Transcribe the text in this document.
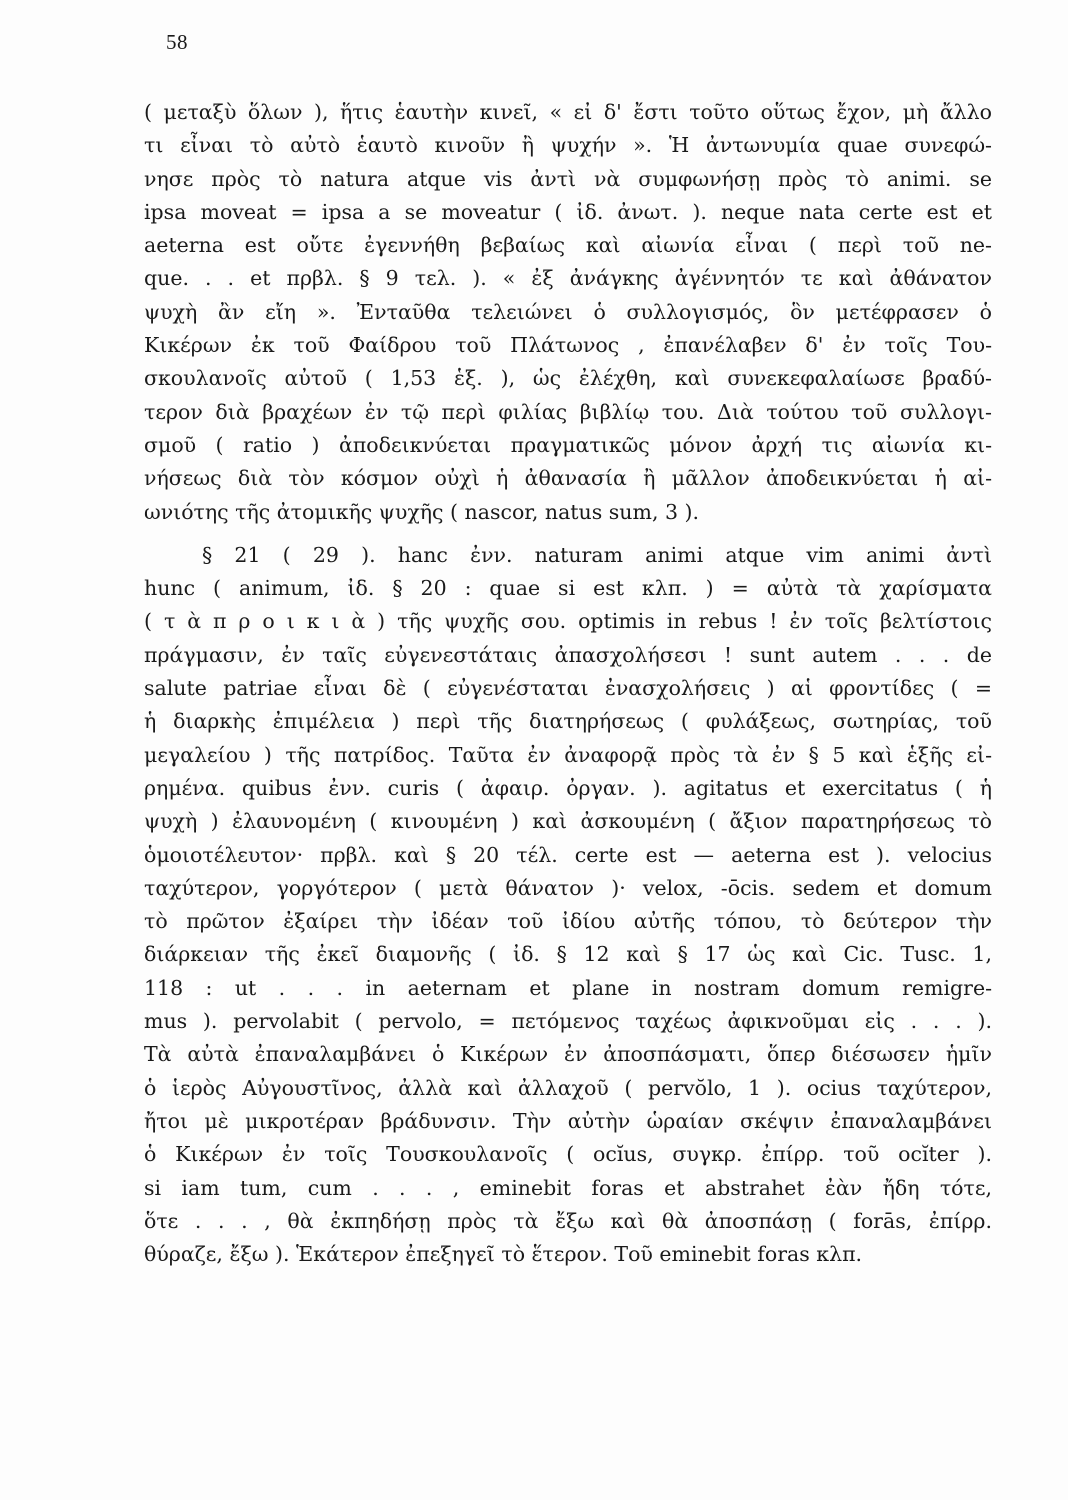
58
( μεταξὺ ὅλων ), ἥτις ἑαυτὴν κινεῖ, « εἰ δ' ἔστι τοῦτο οὕτως ἔχον, μὴ ἄλλο
τι εἶναι τὸ αὐτὸ ἑαυτὸ κινοῦν ἢ ψυχήν ». Ἡ ἀντωνυμία quae συνεφώ-
νησε πρὸς τὸ natura atque vis ἀντὶ νὰ συμφωνήσῃ πρὸς τὸ animi. se
ipsa moveat = ipsa a se moveatur ( ἰδ. ἀνωτ. ). neque nata certe est et
aeterna est οὔτε ἐγεννήθη βεβαίως καὶ αἰωνία εἶναι ( περὶ τοῦ ne-
que. . . et πρβλ. § 9 τελ. ). « ἐξ ἀνάγκης ἀγέννητόν τε καὶ ἀθάνατον
ψυχὴ ἂν εἴη ». Ἐνταῦθα τελειώνει ὁ συλλογισμός, ὃν μετέφρασεν ὁ
Κικέρων ἐκ τοῦ Φαίδρου τοῦ Πλάτωνος , ἐπανέλαβεν δ' ἐν τοῖς Του-
σκουλανοῖς αὐτοῦ ( 1,53 ἑξ. ), ὡς ἐλέχθη, καὶ συνεκεφαλαίωσε βραδύ-
τερον διὰ βραχέων ἐν τῷ περὶ φιλίας βιβλίῳ του. Διὰ τούτου τοῦ συλλογι-
σμοῦ ( ratio ) ἀποδεικνύεται πραγματικῶς μόνον ἀρχή τις αἰωνία κι-
νήσεως διὰ τὸν κόσμον οὐχὶ ἡ ἀθανασία ἢ μᾶλλον ἀποδεικνύεται ἡ αἰ-
ωνιότης τῆς ἀτομικῆς ψυχῆς ( nascor, natus sum, 3 ).
§ 21 ( 29 ). hanc ἐνν. naturam animi atque vim animi ἀντὶ
hunc ( animum, ἰδ. § 20 : quae si est κλπ. ) = αὐτὰ τὰ χαρίσματα
( τ ὰ π ρ ο ι κ ι ὰ ) τῆς ψυχῆς σου. optimis in rebus ! ἐν τοῖς βελτίστοις
πράγμασιν, ἐν ταῖς εὐγενεστάταις ἀπασχολήσεσι ! sunt autem . . . de
salute patriae εἶναι δὲ ( εὐγενέσταται ἐνασχολήσεις ) αἱ φροντίδες ( =
ἡ διαρκὴς ἐπιμέλεια ) περὶ τῆς διατηρήσεως ( φυλάξεως, σωτηρίας, τοῦ
μεγαλείου ) τῆς πατρίδος. Ταῦτα ἐν ἀναφορᾷ πρὸς τὰ ἐν § 5 καὶ ἑξῆς εἰ-
ρημένα. quibus ἐνν. curis ( ἀφαιρ. ὀργαν. ). agitatus et exercitatus ( ἡ
ψυχὴ ) ἐλαυνομένη ( κινουμένη ) καὶ ἀσκουμένη ( ἄξιον παρατηρήσεως τὸ
ὁμοιοτέλευτον· πρβλ. καὶ § 20 τέλ. certe est — aeterna est ). velocius
ταχύτερον, γοργότερον ( μετὰ θάνατον )· velox, -ōcis. sedem et domum
τὸ πρῶτον ἐξαίρει τὴν ἰδέαν τοῦ ἰδίου αὐτῆς τόπου, τὸ δεύτερον τὴν
διάρκειαν τῆς ἐκεῖ διαμονῆς ( ἰδ. § 12 καὶ § 17 ὡς καὶ Cic. Tusc. 1,
118 : ut . . . in aeternam et plane in nostram domum remigre-
mus ). pervolabit ( pervolo, = πετόμενος ταχέως ἀφικνοῦμαι εἰς . . . ).
Τὰ αὐτὰ ἐπαναλαμβάνει ὁ Κικέρων ἐν ἀποσπάσματι, ὅπερ διέσωσεν ἡμῖν
ὁ ἱερὸς Αὐγουστῖνος, ἀλλὰ καὶ ἀλλαχοῦ ( pervŏlo, 1 ). ocius ταχύτερον,
ἤτοι μὲ μικροτέραν βράδυνσιν. Τὴν αὐτὴν ὡραίαν σκέψιν ἐπαναλαμβάνει
ὁ Κικέρων ἐν τοῖς Τουσκουλανοῖς ( ocĭus, συγκρ. ἐπίρρ. τοῦ ocĭter ).
si iam tum, cum . . . , eminebit foras et abstrahet ἐὰν ἤδη τότε,
ὅτε . . . , θὰ ἐκπηδήσῃ πρὸς τὰ ἔξω καὶ θὰ ἀποσπάσῃ ( forās, ἐπίρρ.
θύραζε, ἔξω ). Ἑκάτερον ἐπεξηγεῖ τὸ ἕτερον. Τοῦ eminebit foras κλπ.
